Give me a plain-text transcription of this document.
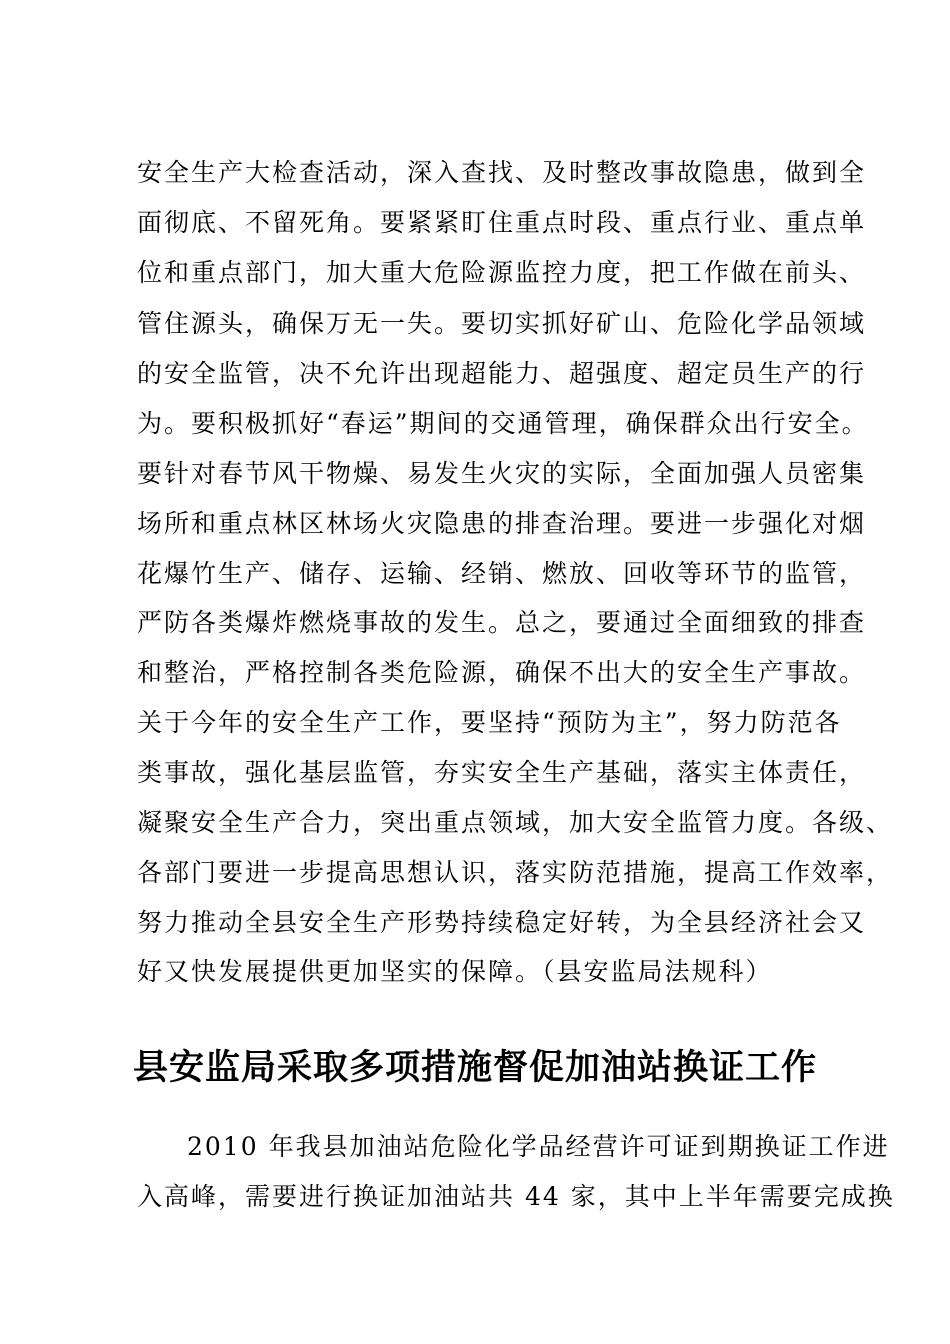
安全生产大检查活动，深入查找、及时整改事故隐患，做到全
面彻底、不留死角。要紧紧盯住重点时段、重点行业、重点单
位和重点部门，加大重大危险源监控力度，把工作做在前头、
管住源头，确保万无一失。要切实抓好矿山、危险化学品领域
的安全监管，决不允许出现超能力、超强度、超定员生产的行
为。要积极抓好“春运”期间的交通管理，确保群众出行安全。
要针对春节风干物燥、易发生火灾的实际，全面加强人员密集
场所和重点林区林场火灾隐患的排查治理。要进一步强化对烟
花爆竹生产、储存、运输、经销、燃放、回收等环节的监管，
严防各类爆炸燃烧事故的发生。总之，要通过全面细致的排查
和整治，严格控制各类危险源，确保不出大的安全生产事故。
关于今年的安全生产工作，要坚持“预防为主”，努力防范各
类事故，强化基层监管，夯实安全生产基础，落实主体责任，
凝聚安全生产合力，突出重点领域，加大安全监管力度。各级、
各部门要进一步提高思想认识，落实防范措施，提高工作效率，
努力推动全县安全生产形势持续稳定好转，为全县经济社会又
好又快发展提供更加坚实的保障。（县安监局法规科）
县安监局采取多项措施督促加油站换证工作
2010 年我县加油站危险化学品经营许可证到期换证工作进
入高峰，需要进行换证加油站共 44 家，其中上半年需要完成换
